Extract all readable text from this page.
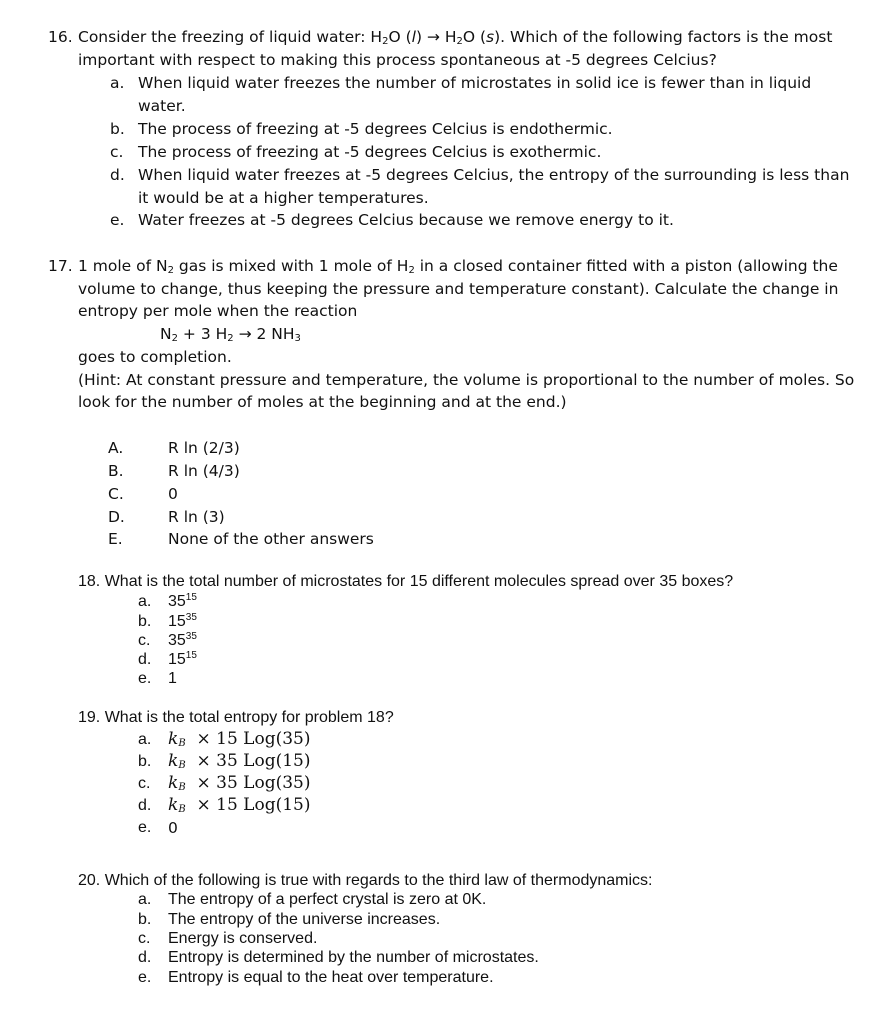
16. Consider the freezing of liquid water: $H_2O$ $(l) \to H_2O$ (s). Which of the following factors is the most
important with respect to making this process spontaneous at -5 degrees Celcius?
a. When liquid water freezes the number of microstates in solid ice is fewer than in liquid
water.
b. The process of freezing at -5 degrees Celcius is endothermic.
c. The process of freezing at -5 degrees Celcius is exothermic.
d. When liquid water freezes at -5 degrees Celcius, the entropy of the surrounding is less than
it would be at a higher temperatures.
e. Water freezes at -5 degrees Celcius because we remove energy to it.
17. 1 mole of $N_2$ gas is mixed with 1 mole of $H_2$ in a closed container fitted with a piston (allowing the
volume to change, thus keeping the pressure and temperature constant). Calculate the change in
entropy per mole when the reaction
$N_2 + 3$ $H_2 \to 2$ $NH_3$
goes to completion.
(Hint: At constant pressure and temperature, the volume is proportional to the number of moles. So
look for the number of moles at the beginning and at the end.)
A.	R ln (2/3)
B.	R ln (4/3)
C.	0
D.	R ln (3)
E.	None of the other answers
18. What is the total number of microstates for 15 different molecules spread over 35 boxes?
a. $35^{15}$
b. $15^{35}$
c. $35^{35}$
d. $15^{15}$
e. 1
19. What is the total entropy for problem 18?
a. $k_B \times 15$ Log(35)
b. $k_B \times 35$ Log(15)
c. $k_B \times 35$ Log(35)
d. $k_B \times 15$ Log(15)
e. 0
20. Which of the following is true with regards to the third law of thermodynamics:
a. The entropy of a perfect crystal is zero at 0K.
b. The entropy of the universe increases.
c. Energy is conserved.
d. Entropy is determined by the number of microstates.
e. Entropy is equal to the heat over temperature.
